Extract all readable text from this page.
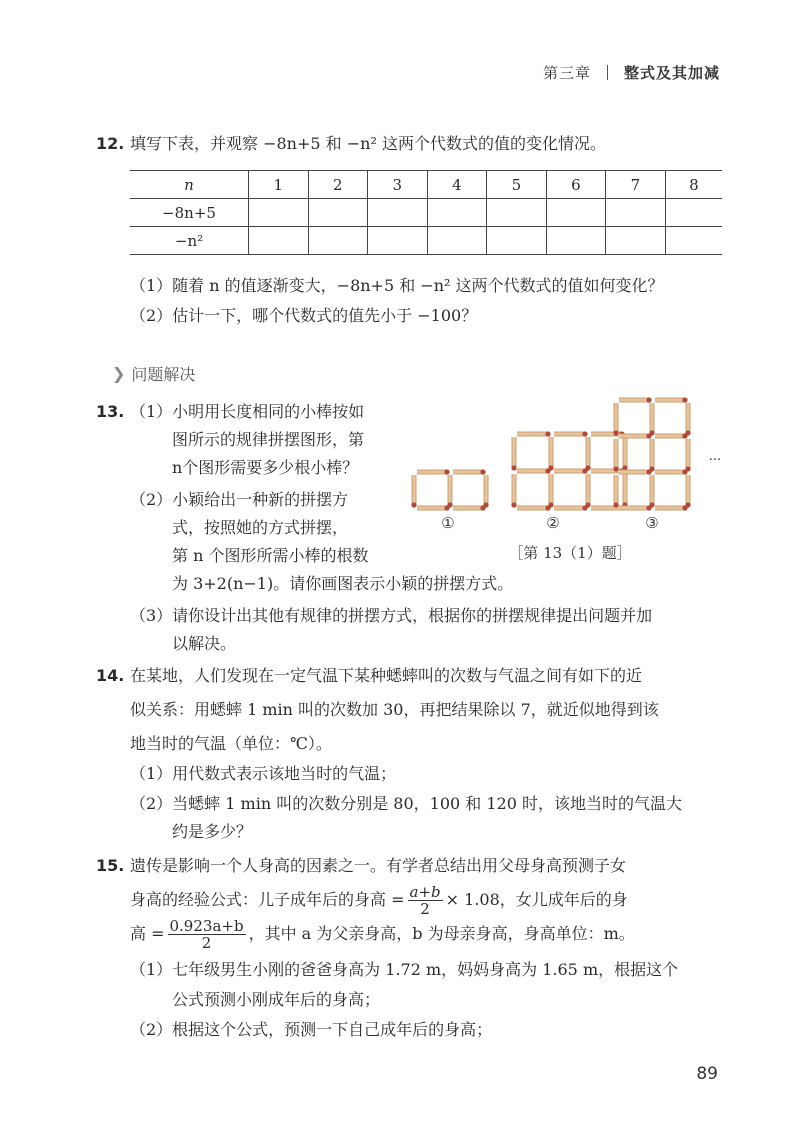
第三章 整式及其加减
12. 填写下表，并观察 −8n+5 和 −n² 这两个代数式的值的变化情况。
n	1	2	3	4	5	6	7	8
−8n+5								
−n²								
（1）随着 n 的值逐渐变大，−8n+5 和 −n² 这两个代数式的值如何变化？
（2）估计一下，哪个代数式的值先小于 −100？
❯ 问题解决
13. （1）小明用长度相同的小棒按如
图所示的规律拼摆图形，第
n个图形需要多少根小棒？
（2）小颖给出一种新的拼摆方
式，按照她的方式拼摆，
第 n 个图形所需小棒的根数
为 3+2(n−1)。请你画图表示小颖的拼摆方式。
（3）请你设计出其他有规律的拼摆方式，根据你的拼摆规律提出问题并加
以解决。
①	②	③
···
［第 13（1）题］
14. 在某地，人们发现在一定气温下某种蟋蟀叫的次数与气温之间有如下的近
似关系：用蟋蟀 1 min 叫的次数加 30，再把结果除以 7，就近似地得到该
地当时的气温（单位：℃）。
（1）用代数式表示该地当时的气温；
（2）当蟋蟀 1 min 叫的次数分别是 80，100 和 120 时，该地当时的气温大
约是多少？
15. 遗传是影响一个人身高的因素之一。有学者总结出用父母身高预测子女
身高的经验公式：儿子成年后的身高 = $\frac{a+b}{2} \times 1.08$，女儿成年后的身
高 = $\frac{0.923a+b}{2}$ ，其中 a 为父亲身高，b 为母亲身高，身高单位：m。
（1）七年级男生小刚的爸爸身高为 1.72 m，妈妈身高为 1.65 m，根据这个
公式预测小刚成年后的身高；
（2）根据这个公式，预测一下自己成年后的身高；
89
